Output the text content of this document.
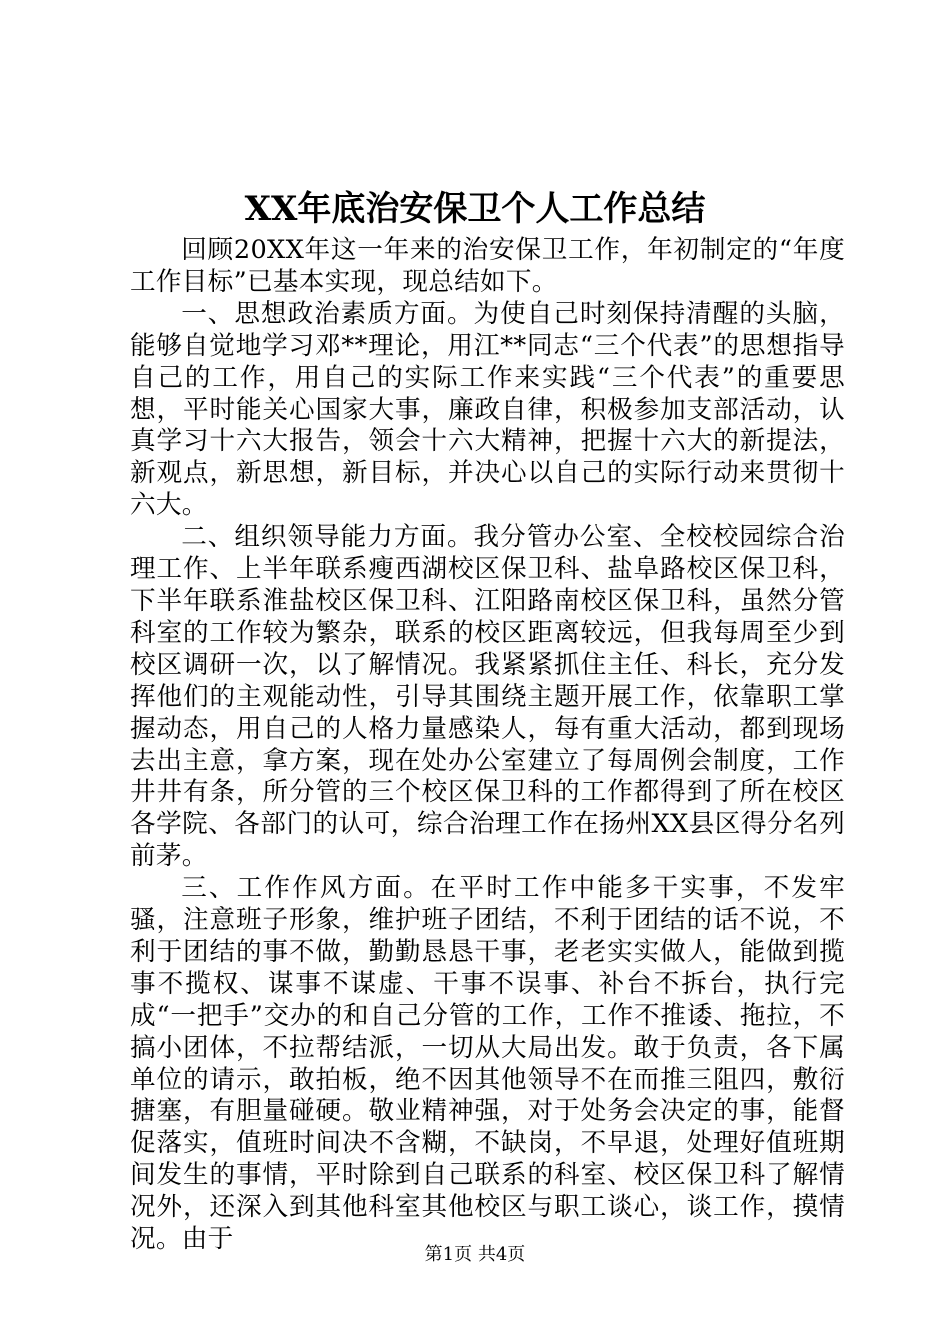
XX年底治安保卫个人工作总结

回顾20XX年这一年来的治安保卫工作，年初制定的“年度工作目标”已基本实现，现总结如下。

一、思想政治素质方面。为使自己时刻保持清醒的头脑，能够自觉地学习邓**理论，用江**同志“三个代表”的思想指导自己的工作，用自己的实际工作来实践“三个代表”的重要思想，平时能关心国家大事，廉政自律，积极参加支部活动，认真学习十六大报告，领会十六大精神，把握十六大的新提法，新观点，新思想，新目标，并决心以自己的实际行动来贯彻十六大。

二、组织领导能力方面。我分管办公室、全校校园综合治理工作、上半年联系瘦西湖校区保卫科、盐阜路校区保卫科，下半年联系淮盐校区保卫科、江阳路南校区保卫科，虽然分管科室的工作较为繁杂，联系的校区距离较远，但我每周至少到校区调研一次，以了解情况。我紧紧抓住主任、科长，充分发挥他们的主观能动性，引导其围绕主题开展工作，依靠职工掌握动态，用自己的人格力量感染人，每有重大活动，都到现场去出主意，拿方案，现在处办公室建立了每周例会制度，工作井井有条，所分管的三个校区保卫科的工作都得到了所在校区各学院、各部门的认可，综合治理工作在扬州XX县区得分名列前茅。

三、工作作风方面。在平时工作中能多干实事，不发牢骚，注意班子形象，维护班子团结，不利于团结的话不说，不利于团结的事不做，勤勤恳恳干事，老老实实做人，能做到揽事不揽权、谋事不谋虚、干事不误事、补台不拆台，执行完成“一把手”交办的和自己分管的工作，工作不推诿、拖拉，不搞小团体，不拉帮结派，一切从大局出发。敢于负责，各下属单位的请示，敢拍板，绝不因其他领导不在而推三阻四，敷衍搪塞，有胆量碰硬。敬业精神强，对于处务会决定的事，能督促落实，值班时间决不含糊，不缺岗，不早退，处理好值班期间发生的事情，平时除到自己联系的科室、校区保卫科了解情况外，还深入到其他科室其他校区与职工谈心，谈工作，摸情况。由于

第1页 共4页
